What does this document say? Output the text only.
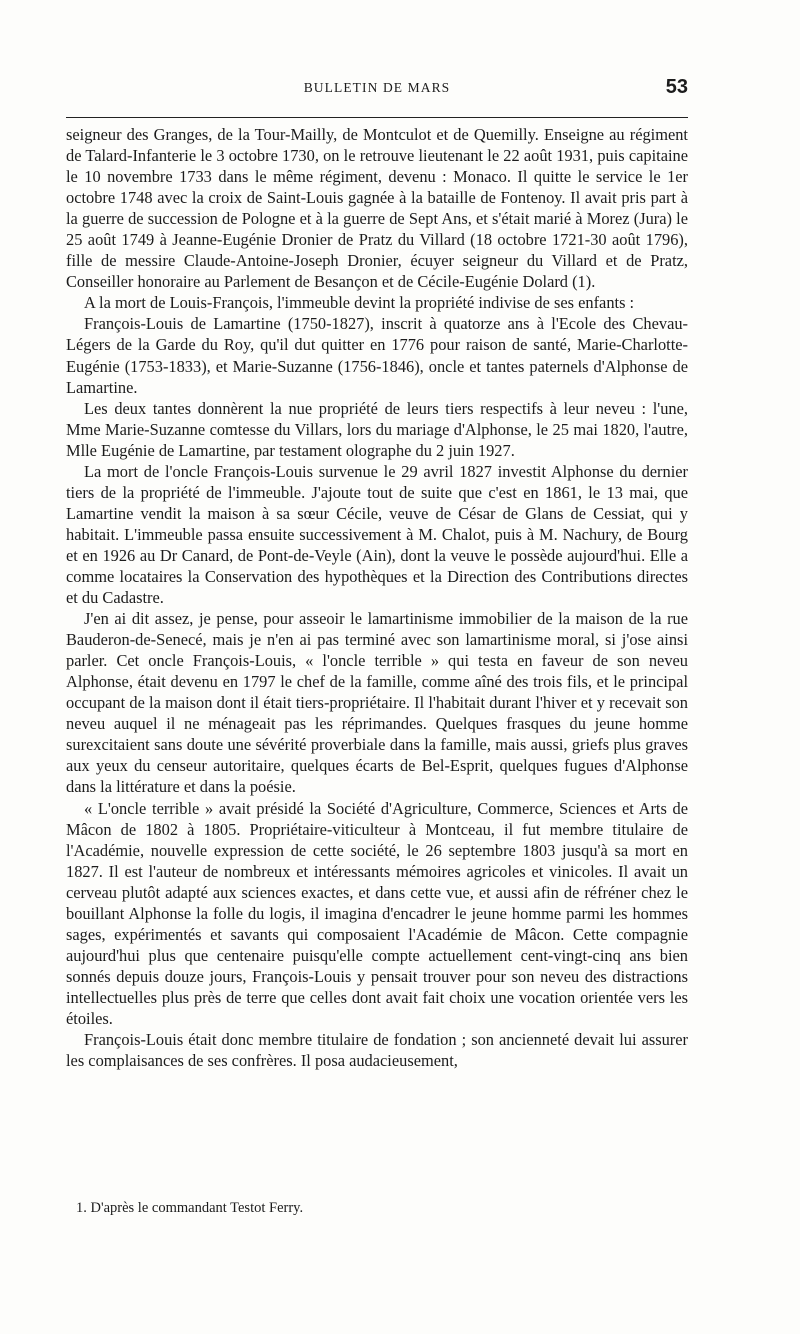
BULLETIN DE MARS	53

seigneur des Granges, de la Tour-Mailly, de Montculot et de Quemilly. Enseigne au régiment de Talard-Infanterie le 3 octobre 1730, on le retrouve lieutenant le 22 août 1931, puis capitaine le 10 novembre 1733 dans le même régiment, devenu : Monaco. Il quitte le service le 1er octobre 1748 avec la croix de Saint-Louis gagnée à la bataille de Fontenoy. Il avait pris part à la guerre de succession de Pologne et à la guerre de Sept Ans, et s'était marié à Morez (Jura) le 25 août 1749 à Jeanne-Eugénie Dronier de Pratz du Villard (18 octobre 1721-30 août 1796), fille de messire Claude-Antoine-Joseph Dronier, écuyer seigneur du Villard et de Pratz, Conseiller honoraire au Parlement de Besançon et de Cécile-Eugénie Dolard (1).

A la mort de Louis-François, l'immeuble devint la propriété indivise de ses enfants :

François-Louis de Lamartine (1750-1827), inscrit à quatorze ans à l'Ecole des Chevau-Légers de la Garde du Roy, qu'il dut quitter en 1776 pour raison de santé, Marie-Charlotte-Eugénie (1753-1833), et Marie-Suzanne (1756-1846), oncle et tantes paternels d'Alphonse de Lamartine.

Les deux tantes donnèrent la nue propriété de leurs tiers respectifs à leur neveu : l'une, Mme Marie-Suzanne comtesse du Villars, lors du mariage d'Alphonse, le 25 mai 1820, l'autre, Mlle Eugénie de Lamartine, par testament olographe du 2 juin 1927.

La mort de l'oncle François-Louis survenue le 29 avril 1827 investit Alphonse du dernier tiers de la propriété de l'immeuble. J'ajoute tout de suite que c'est en 1861, le 13 mai, que Lamartine vendit la maison à sa sœur Cécile, veuve de César de Glans de Cessiat, qui y habitait. L'immeuble passa ensuite successivement à M. Chalot, puis à M. Nachury, de Bourg et en 1926 au Dr Canard, de Pont-de-Veyle (Ain), dont la veuve le possède aujourd'hui. Elle a comme locataires la Conservation des hypothèques et la Direction des Contributions directes et du Cadastre.

J'en ai dit assez, je pense, pour asseoir le lamartinisme immobilier de la maison de la rue Bauderon-de-Senecé, mais je n'en ai pas terminé avec son lamartinisme moral, si j'ose ainsi parler. Cet oncle François-Louis, « l'oncle terrible » qui testa en faveur de son neveu Alphonse, était devenu en 1797 le chef de la famille, comme aîné des trois fils, et le principal occupant de la maison dont il était tiers-propriétaire. Il l'habitait durant l'hiver et y recevait son neveu auquel il ne ménageait pas les réprimandes. Quelques frasques du jeune homme surexcitaient sans doute une sévérité proverbiale dans la famille, mais aussi, griefs plus graves aux yeux du censeur autoritaire, quelques écarts de Bel-Esprit, quelques fugues d'Alphonse dans la littérature et dans la poésie.

« L'oncle terrible » avait présidé la Société d'Agriculture, Commerce, Sciences et Arts de Mâcon de 1802 à 1805. Propriétaire-viticulteur à Montceau, il fut membre titulaire de l'Académie, nouvelle expression de cette société, le 26 septembre 1803 jusqu'à sa mort en 1827. Il est l'auteur de nombreux et intéressants mémoires agricoles et vinicoles. Il avait un cerveau plutôt adapté aux sciences exactes, et dans cette vue, et aussi afin de réfréner chez le bouillant Alphonse la folle du logis, il imagina d'encadrer le jeune homme parmi les hommes sages, expérimentés et savants qui composaient l'Académie de Mâcon. Cette compagnie aujourd'hui plus que centenaire puisqu'elle compte actuellement cent-vingt-cinq ans bien sonnés depuis douze jours, François-Louis y pensait trouver pour son neveu des distractions intellectuelles plus près de terre que celles dont avait fait choix une vocation orientée vers les étoiles.

François-Louis était donc membre titulaire de fondation ; son ancienneté devait lui assurer les complaisances de ses confrères. Il posa audacieusement,

1. D'après le commandant Testot Ferry.
